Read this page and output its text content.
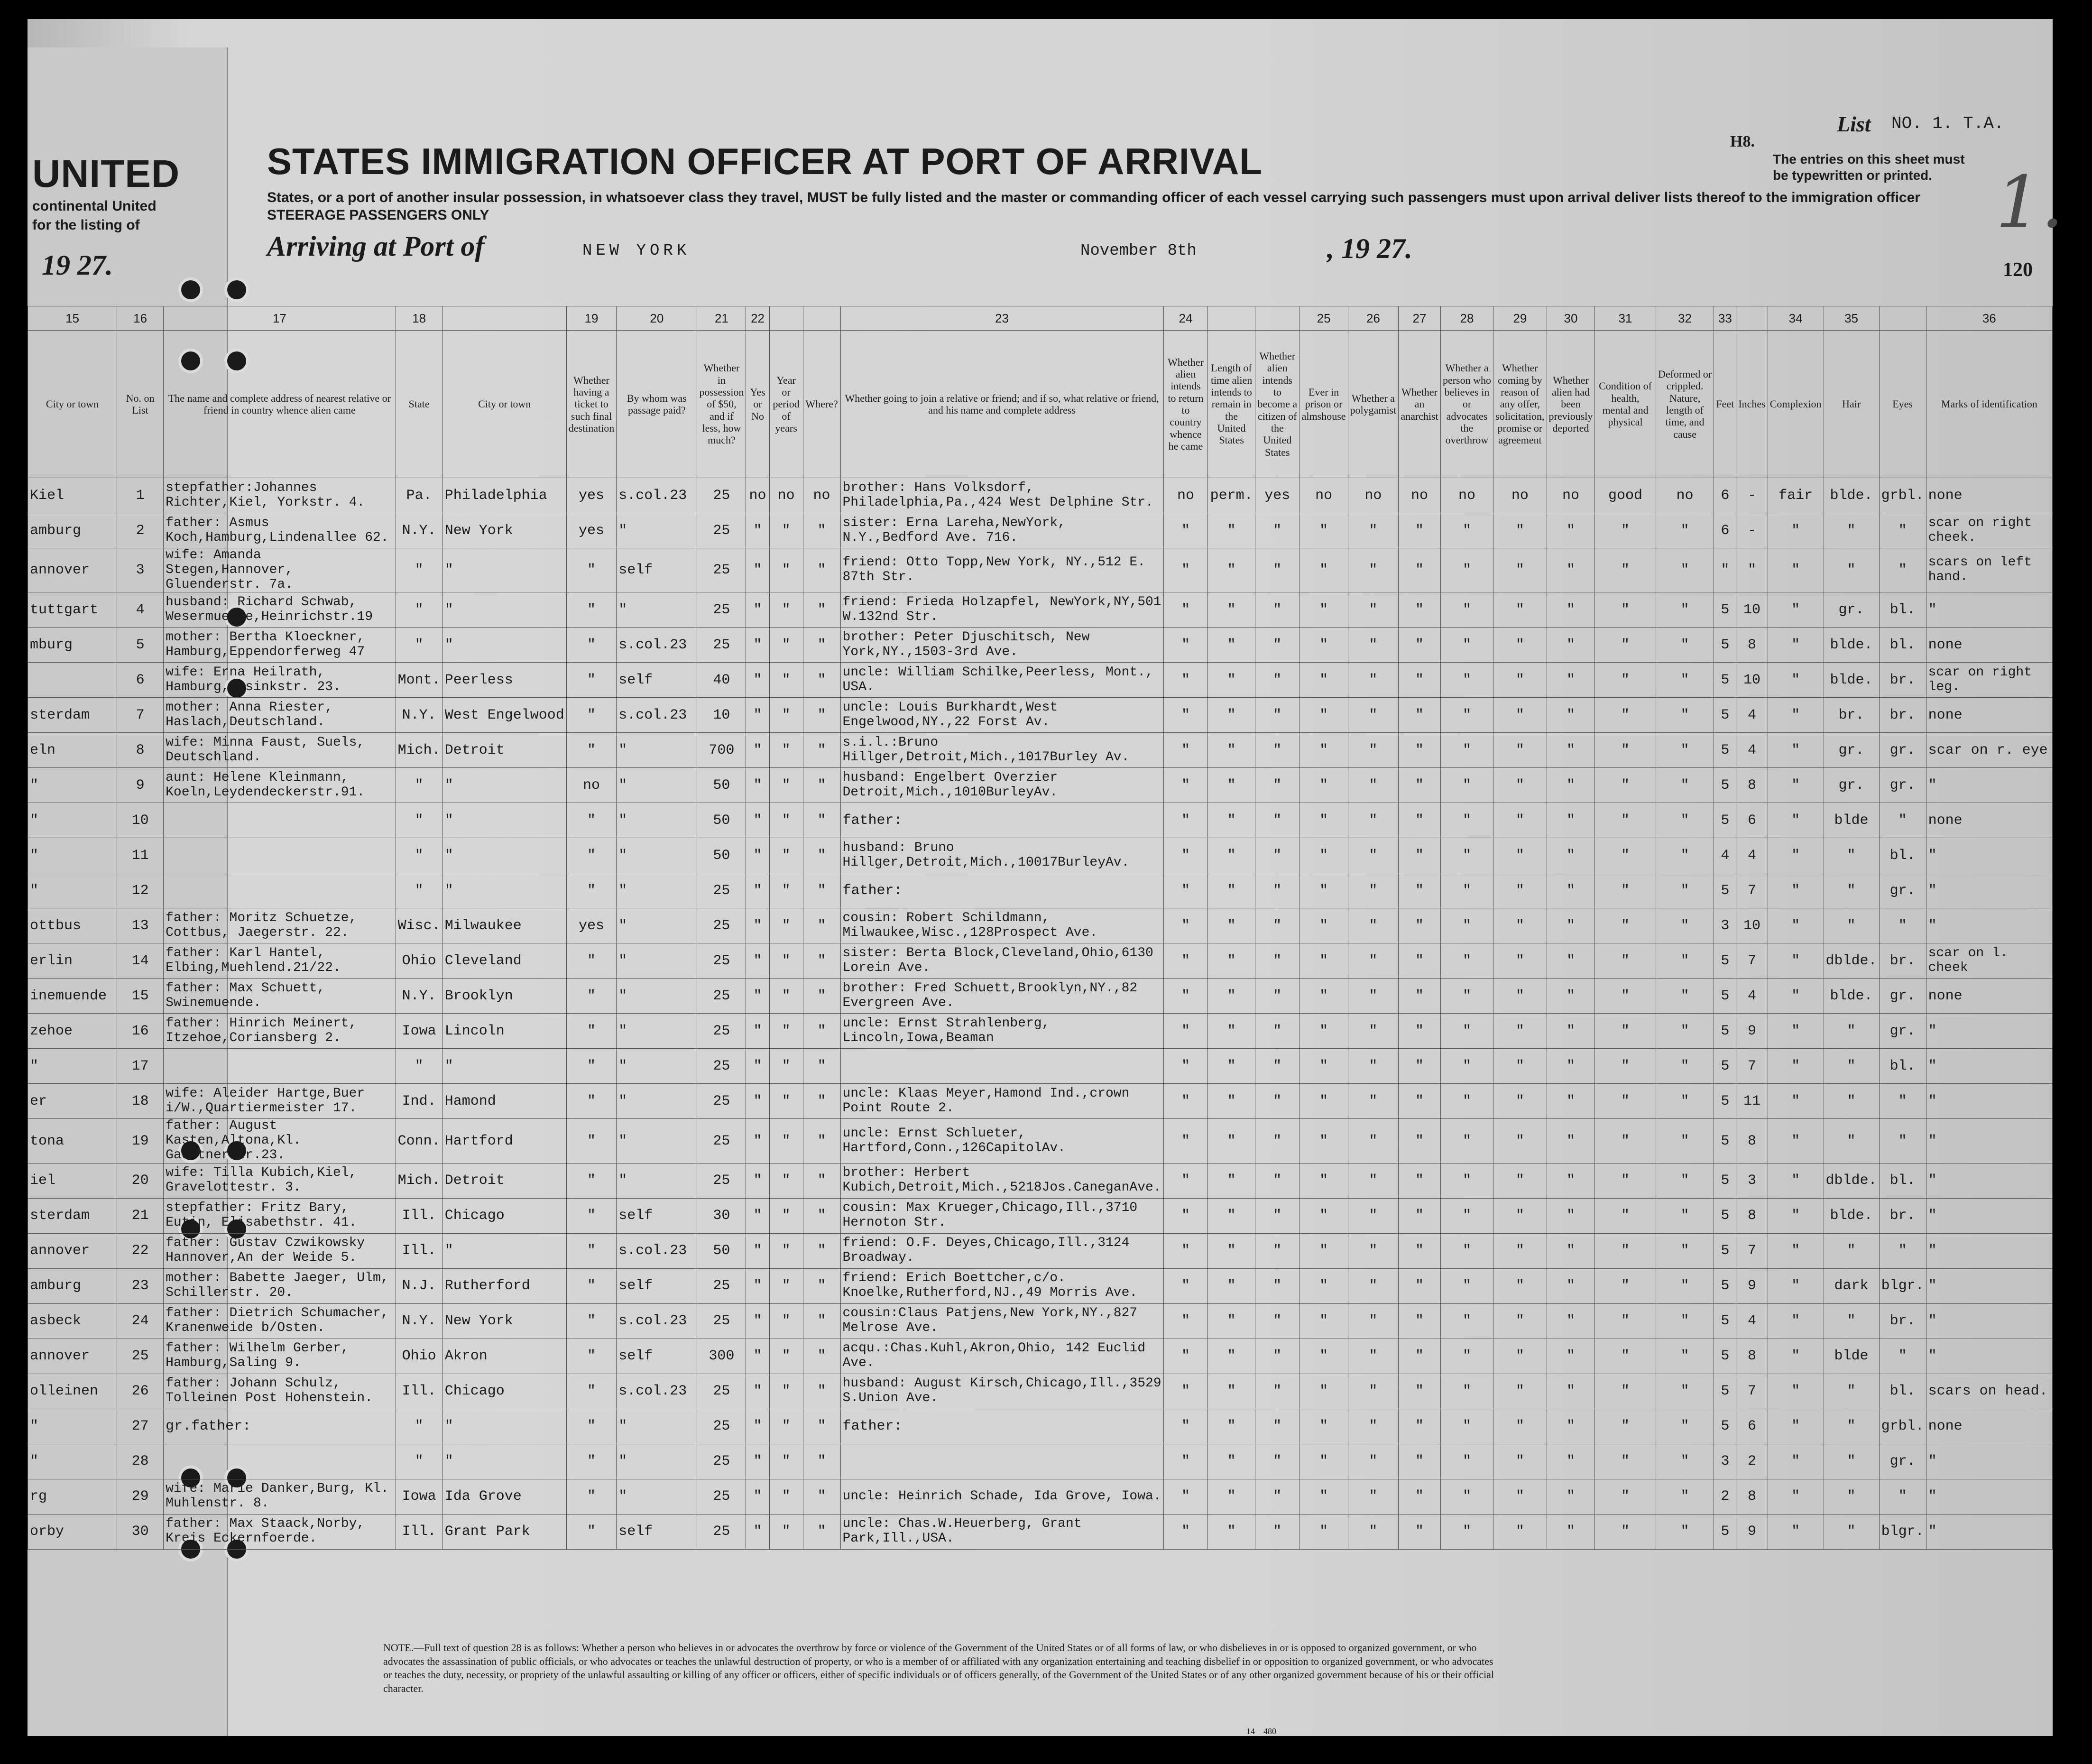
UNITED
continental United
for the listing of
19 27.
STATES IMMIGRATION OFFICER AT PORT OF ARRIVAL
States, or a port of another insular possession, in whatsoever class they travel, MUST be fully listed and the master or commanding officer of each vessel carrying such passengers must upon arrival deliver lists thereof to the immigration officer
STEERAGE PASSENGERS ONLY
Arriving at Port of	NEW YORK	November 8th	, 19 27.
H8.
List NO. 1. T.A.
The entries on this sheet must
be typewritten or printed.
120
1.
15	16	17	18		19	20	21	22			23	24			25	26	27	28	29	30	31	32	33		34	35		36
City or town	No. on List	The name and complete address of nearest relative or friend in country whence alien came	State	City or town	Whether having a ticket to such final destination	By whom was passage paid?	Whether in possession of $50, and if less, how much?	Yes or No	Year or period of years	Where?	Whether going to join a relative or friend; and if so, what relative or friend, and his name and complete address	Whether alien intends to return to country whence he came	Length of time alien intends to remain in the United States	Whether alien intends to become a citizen of the United States	Ever in prison or almshouse	Whether a polygamist	Whether an anarchist	Whether a person who believes in or advocates the overthrow	Whether coming by reason of any offer, solicitation, promise or agreement	Whether alien had been previously deported	Condition of health, mental and physical	Deformed or crippled. Nature, length of time, and cause	Feet	Inches	Complexion	Hair	Eyes	Marks of identification
Kiel	1	stepfather:Johannes Richter,Kiel, Yorkstr. 4.	Pa.	Philadelphia	yes	s.col.23	25	no	no	no	brother: Hans Volksdorf, Philadelphia,Pa.,424 West Delphine Str.	no	perm.	yes	no	no	no	no	no	no	good	no	6	-	fair	blde.	grbl.	none
amburg	2	father: Asmus Koch,Hamburg,Lindenallee 62.	N.Y.	New York	yes	"	25	"	"	"	sister: Erna Lareha,NewYork, N.Y.,Bedford Ave. 716.	"	"	"	"	"	"	"	"	"	"	"	6	-	"	"	"	scar on right cheek.
annover	3	wife: Amanda Stegen,Hannover, Gluenderstr. 7a.	"	"	"	self	25	"	"	"	friend: Otto Topp,New York, NY.,512 E. 87th Str.	"	"	"	"	"	"	"	"	"	"	"	"	"	"	"	"	scars on left hand.
tuttgart	4	husband: Richard Schwab, Wesermuende,Heinrichstr.19	"	"	"	"	25	"	"	"	friend: Frieda Holzapfel, NewYork,NY,501 W.132nd Str.	"	"	"	"	"	"	"	"	"	"	"	5	10	"	gr.	bl.	"
mburg	5	mother: Bertha Kloeckner, Hamburg,Eppendorferweg 47	"	"	"	s.col.23	25	"	"	"	brother: Peter Djuschitsch, New York,NY.,1503-3rd Ave.	"	"	"	"	"	"	"	"	"	"	"	5	8	"	blde.	bl.	none
	6	wife: Erna Heilrath, Hamburg,Amsinkstr. 23.	Mont.	Peerless	"	self	40	"	"	"	uncle: William Schilke,Peerless, Mont., USA.	"	"	"	"	"	"	"	"	"	"	"	5	10	"	blde.	br.	scar on right leg.
sterdam	7	mother: Anna Riester, Haslach,Deutschland.	N.Y.	West Engelwood	"	s.col.23	10	"	"	"	uncle: Louis Burkhardt,West Engelwood,NY.,22 Forst Av.	"	"	"	"	"	"	"	"	"	"	"	5	4	"	br.	br.	none
eln	8	wife: Minna Faust, Suels, Deutschland.	Mich.	Detroit	"	"	700	"	"	"	s.i.l.:Bruno Hillger,Detroit,Mich.,1017Burley Av.	"	"	"	"	"	"	"	"	"	"	"	5	4	"	gr.	gr.	scar on r. eye
"	9	aunt: Helene Kleinmann, Koeln,Leydendeckerstr.91.	"	"	no	"	50	"	"	"	husband: Engelbert Overzier Detroit,Mich.,1010BurleyAv.	"	"	"	"	"	"	"	"	"	"	"	5	8	"	gr.	gr.	"
"	10		"	"	"	"	50	"	"	"	father:	"	"	"	"	"	"	"	"	"	"	"	5	6	"	blde	"	none
"	11		"	"	"	"	50	"	"	"	husband: Bruno Hillger,Detroit,Mich.,10017BurleyAv.	"	"	"	"	"	"	"	"	"	"	"	4	4	"	"	bl.	"
"	12		"	"	"	"	25	"	"	"	father:	"	"	"	"	"	"	"	"	"	"	"	5	7	"	"	gr.	"
ottbus	13	father: Moritz Schuetze, Cottbus, Jaegerstr. 22.	Wisc.	Milwaukee	yes	"	25	"	"	"	cousin: Robert Schildmann, Milwaukee,Wisc.,128Prospect Ave.	"	"	"	"	"	"	"	"	"	"	"	3	10	"	"	"	"
erlin	14	father: Karl Hantel, Elbing,Muehlend.21/22.	Ohio	Cleveland	"	"	25	"	"	"	sister: Berta Block,Cleveland,Ohio,6130 Lorein Ave.	"	"	"	"	"	"	"	"	"	"	"	5	7	"	dblde.	br.	scar on l. cheek
inemuende	15	father: Max Schuett, Swinemuende.	N.Y.	Brooklyn	"	"	25	"	"	"	brother: Fred Schuett,Brooklyn,NY.,82 Evergreen Ave.	"	"	"	"	"	"	"	"	"	"	"	5	4	"	blde.	gr.	none
zehoe	16	father: Hinrich Meinert, Itzehoe,Coriansberg 2.	Iowa	Lincoln	"	"	25	"	"	"	uncle: Ernst Strahlenberg, Lincoln,Iowa,Beaman	"	"	"	"	"	"	"	"	"	"	"	5	9	"	"	gr.	"
"	17		"	"	"	"	25	"	"	"		"	"	"	"	"	"	"	"	"	"	"	5	7	"	"	bl.	"
er	18	wife: Aleider Hartge,Buer i/W.,Quartiermeister 17.	Ind.	Hamond	"	"	25	"	"	"	uncle: Klaas Meyer,Hamond Ind.,crown Point Route 2.	"	"	"	"	"	"	"	"	"	"	"	5	11	"	"	"	"
tona	19	father: August Kasten,Altona,Kl. Gaertnerstr.23.	Conn.	Hartford	"	"	25	"	"	"	uncle: Ernst Schlueter, Hartford,Conn.,126CapitolAv.	"	"	"	"	"	"	"	"	"	"	"	5	8	"	"	"	"
iel	20	wife: Tilla Kubich,Kiel, Gravelottestr. 3.	Mich.	Detroit	"	"	25	"	"	"	brother: Herbert Kubich,Detroit,Mich.,5218Jos.CaneganAve.	"	"	"	"	"	"	"	"	"	"	"	5	3	"	dblde.	bl.	"
sterdam	21	stepfather: Fritz Bary, Eutin, Elisabethstr. 41.	Ill.	Chicago	"	self	30	"	"	"	cousin: Max Krueger,Chicago,Ill.,3710 Hernoton Str.	"	"	"	"	"	"	"	"	"	"	"	5	8	"	blde.	br.	"
annover	22	father: Gustav Czwikowsky Hannover,An der Weide 5.	Ill.	"	"	s.col.23	50	"	"	"	friend: O.F. Deyes,Chicago,Ill.,3124 Broadway.	"	"	"	"	"	"	"	"	"	"	"	5	7	"	"	"	"
amburg	23	mother: Babette Jaeger, Ulm, Schillerstr. 20.	N.J.	Rutherford	"	self	25	"	"	"	friend: Erich Boettcher,c/o. Knoelke,Rutherford,NJ.,49 Morris Ave.	"	"	"	"	"	"	"	"	"	"	"	5	9	"	dark	blgr.	"
asbeck	24	father: Dietrich Schumacher, Kranenweide b/Osten.	N.Y.	New York	"	s.col.23	25	"	"	"	cousin:Claus Patjens,New York,NY.,827 Melrose Ave.	"	"	"	"	"	"	"	"	"	"	"	5	4	"	"	br.	"
annover	25	father: Wilhelm Gerber, Hamburg,Saling 9.	Ohio	Akron	"	self	300	"	"	"	acqu.:Chas.Kuhl,Akron,Ohio, 142 Euclid Ave.	"	"	"	"	"	"	"	"	"	"	"	5	8	"	blde	"	"
olleinen	26	father: Johann Schulz, Tolleinen Post Hohenstein.	Ill.	Chicago	"	s.col.23	25	"	"	"	husband: August Kirsch,Chicago,Ill.,3529 S.Union Ave.	"	"	"	"	"	"	"	"	"	"	"	5	7	"	"	bl.	scars on head.
"	27	gr.father:	"	"	"	"	25	"	"	"	father:	"	"	"	"	"	"	"	"	"	"	"	5	6	"	"	grbl.	none
"	28		"	"	"	"	25	"	"	"		"	"	"	"	"	"	"	"	"	"	"	3	2	"	"	gr.	"
rg	29	wife: Marie Danker,Burg, Kl. Muhlenstr. 8.	Iowa	Ida Grove	"	"	25	"	"	"	uncle: Heinrich Schade, Ida Grove, Iowa.	"	"	"	"	"	"	"	"	"	"	"	2	8	"	"	"	"
orby	30	father: Max Staack,Norby, Kreis Eckernfoerde.	Ill.	Grant Park	"	self	25	"	"	"	uncle: Chas.W.Heuerberg, Grant Park,Ill.,USA.	"	"	"	"	"	"	"	"	"	"	"	5	9	"	"	blgr.	"
NOTE.—Full text of question 28 is as follows: Whether a person who believes in or advocates the overthrow by force or violence of the Government of the United States or of all forms of law, or who disbelieves in or is opposed to organized government, or who advocates the assassination of public officials, or who advocates or teaches the unlawful destruction of property, or who is a member of or affiliated with any organization entertaining and teaching disbelief in or opposition to organized government, or who advocates or teaches the duty, necessity, or propriety of the unlawful assaulting or killing of any officer or officers, either of specific individuals or of officers generally, of the Government of the United States or of any other organized government because of his or their official character.
14—480
